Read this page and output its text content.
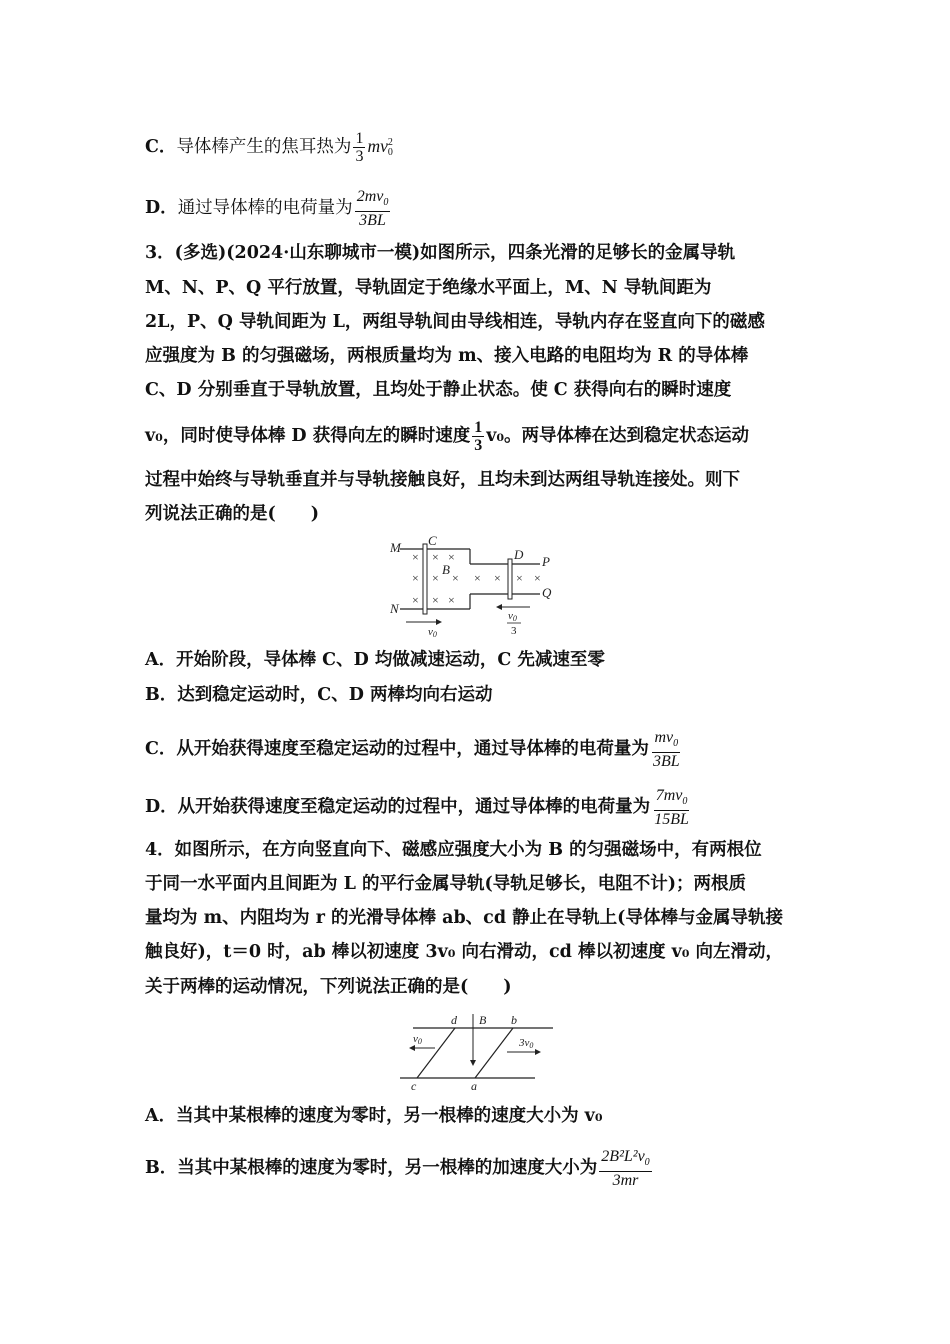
C．导体棒产生的焦耳热为 $\frac{1}{3}$ mv 2
0
D．通过导体棒的电荷量为 $\frac{2mv_0}{3BL}$
3．(多选)(2024·山东聊城市一模)如图所示，四条光滑的足够长的金属导轨
M、N、P、Q 平行放置，导轨固定于绝缘水平面上，M、N 导轨间距为
2L，P、Q 导轨间距为 L，两组导轨间由导线相连，导轨内存在竖直向下的磁感
应强度为 B 的匀强磁场，两根质量均为 m、接入电路的电阻均为 R 的导体棒
C、D 分别垂直于导轨放置，且均处于静止状态。使 C 获得向右的瞬时速度
v₀，同时使导体棒 D 获得向左的瞬时速度 $\frac{1}{3} v_0$。两导体棒在达到稳定状态运动
过程中始终与导轨垂直并与导轨接触良好，且均未到达两组导轨连接处。则下
列说法正确的是(　　)
× ×
× × × × × × ×
× × ×
×
M
N
C
D
B
P
Q
v0
v0
3
A．开始阶段，导体棒 C、D 均做减速运动，C 先减速至零
B．达到稳定运动时，C、D 两棒均向右运动
C．从开始获得速度至稳定运动的过程中，通过导体棒的电荷量为 $\frac{mv_0}{3BL}$
D．从开始获得速度至稳定运动的过程中，通过导体棒的电荷量为 $\frac{7mv_0}{15BL}$
4．如图所示，在方向竖直向下、磁感应强度大小为 B 的匀强磁场中，有两根位
于同一水平面内且间距为 L 的平行金属导轨(导轨足够长，电阻不计)；两根质
量均为 m、内阻均为 r 的光滑导体棒 ab、cd 静止在导轨上(导体棒与金属导轨接
触良好)，t＝0 时，ab 棒以初速度 3v₀ 向右滑动，cd 棒以初速度 v₀ 向左滑动，
关于两棒的运动情况，下列说法正确的是(　　)
d B b
c	a
v0	3v0
A．当其中某根棒的速度为零时，另一根棒的速度大小为 v₀
B．当其中某根棒的速度为零时，另一根棒的加速度大小为 $\frac{2B^2L^2v_0}{3mr}$
